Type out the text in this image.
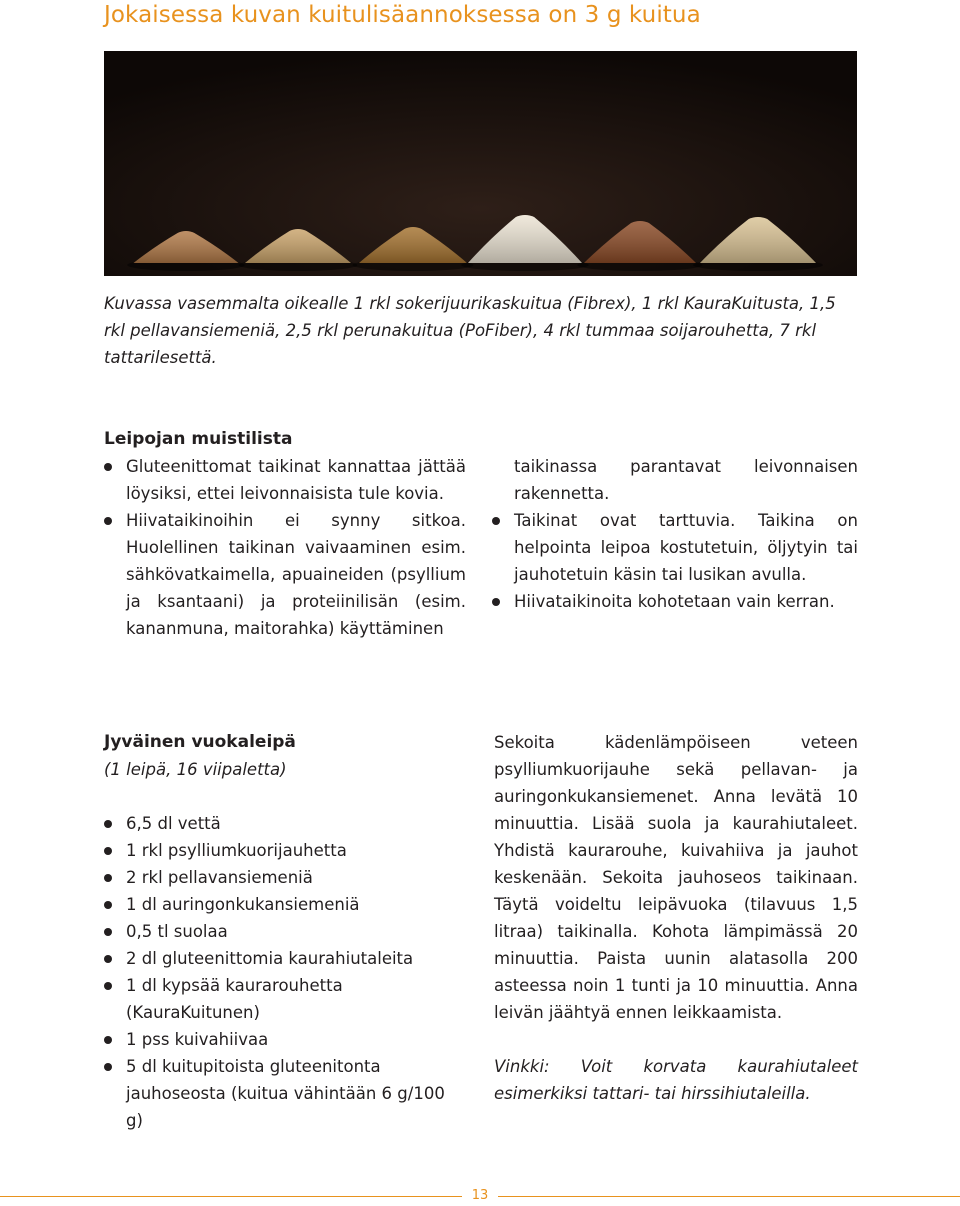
Jokaisessa kuvan kuitulisäannoksessa on 3 g kuitua

Kuvassa vasemmalta oikealle 1 rkl sokerijuurikaskuitua (Fibrex), 1 rkl KauraKuitusta, 1,5 rkl pellavansiemeniä, 2,5 rkl perunakuitua (PoFiber), 4 rkl tummaa soijarouhetta, 7 rkl tattarilesettä.

Leipojan muistilista
Gluteenittomat taikinat kannattaa jättää löysiksi, ettei leivonnaisista tule kovia.
Hiivataikinoihin ei synny sitkoa. Huolellinen taikinan vaivaaminen esim. sähkövatkaimella, apuaineiden (psyllium ja ksantaani) ja proteiinilisän (esim. kananmuna, maitorahka) käyttäminen

taikinassa parantavat leivonnaisen rakennetta.

Taikinat ovat tarttuvia. Taikina on helpointa leipoa kostutetuin, öljytyin tai jauhotetuin käsin tai lusikan avulla.
Hiivataikinoita kohotetaan vain kerran.
Jyväinen vuokaleipä

(1 leipä, 16 viipaletta)

6,5 dl vettä
1 rkl psylliumkuorijauhetta
2 rkl pellavansiemeniä
1 dl auringonkukansiemeniä
0,5 tl suolaa
2 dl gluteenittomia kaurahiutaleita
1 dl kypsää kaurarouhetta (KauraKuitunen)
1 pss kuivahiivaa
5 dl kuitupitoista gluteenitonta jauhoseosta (kuitua vähintään 6 g/100 g)

Sekoita kädenlämpöiseen veteen psylliumkuorijauhe sekä pellavan- ja auringonkukansiemenet. Anna levätä 10 minuuttia. Lisää suola ja kaurahiutaleet. Yhdistä kaurarouhe, kuivahiiva ja jauhot keskenään. Sekoita jauhoseos taikinaan. Täytä voideltu leipävuoka (tilavuus 1,5 litraa) taikinalla. Kohota lämpimässä 20 minuuttia. Paista uunin alatasolla 200 asteessa noin 1 tunti ja 10 minuuttia. Anna leivän jäähtyä ennen leikkaamista.

Vinkki: Voit korvata kaurahiutaleet esimerkiksi tattari- tai hirssihiutaleilla.

13
